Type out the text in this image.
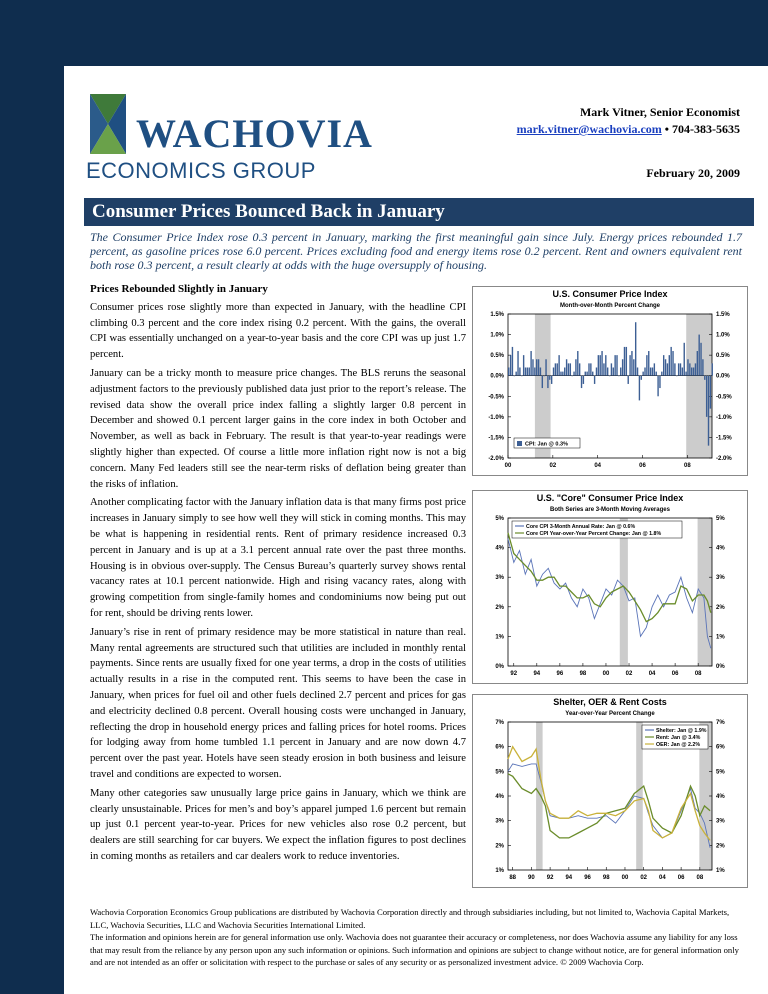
WACHOVIA
ECONOMICS GROUP
Mark Vitner, Senior Economist
mark.vitner@wachovia.com • 704-383-5635
February 20, 2009
Consumer Prices Bounced Back in January
The Consumer Price Index rose 0.3 percent in January, marking the first meaningful gain since July. Energy prices rebounded 1.7 percent, as gasoline prices rose 6.0 percent. Prices excluding food and energy items rose 0.2 percent. Rent and owners equivalent rent both rose 0.3 percent, a result clearly at odds with the huge oversupply of housing.
Prices Rebounded Slightly in January

Consumer prices rose slightly more than expected in January, with the headline CPI climbing 0.3 percent and the core index rising 0.2 percent. With the gains, the overall CPI was essentially unchanged on a year-to-year basis and the core CPI was up just 1.7 percent.

January can be a tricky month to measure price changes. The BLS reruns the seasonal adjustment factors to the previously published data just prior to the report’s release. The revised data show the overall price index falling a slightly larger 0.8 percent in December and showed 0.1 percent larger gains in the core index in both October and November, as well as back in February. The result is that year-to-year readings were slightly higher than expected. Of course a little more inflation right now is not a big concern. Many Fed leaders still see the near-term risks of deflation being greater than the risks of inflation.

Another complicating factor with the January inflation data is that many firms post price increases in January simply to see how well they will stick in coming months. This may be what is happening in residential rents. Rent of primary residence increased 0.3 percent in January and is up at a 3.1 percent annual rate over the past three months. Housing is in obvious over-supply. The Census Bureau’s quarterly survey shows rental vacancy rates at 10.1 percent nationwide. High and rising vacancy rates, along with growing competition from single-family homes and condominiums now being put out for rent, should be driving rents lower.

January’s rise in rent of primary residence may be more statistical in nature than real. Many rental agreements are structured such that utilities are included in monthly rental payments. Since rents are usually fixed for one year terms, a drop in the costs of utilities actually results in a rise in the computed rent. This seems to have been the case in January, when prices for fuel oil and other fuels declined 2.7 percent and prices for gas and electricity declined 0.8 percent. Overall housing costs were unchanged in January, reflecting the drop in household energy prices and falling prices for hotel rooms. Prices for lodging away from home tumbled 1.1 percent in January and are now down 4.7 percent over the past year. Hotels have seen steady erosion in both business and leisure travel and conditions are expected to worsen.

Many other categories saw unusually large price gains in January, which we think are clearly unsustainable. Prices for men’s and boy’s apparel jumped 1.6 percent but remain up just 0.1 percent year-to-year. Prices for new vehicles also rose 0.2 percent, but dealers are still searching for car buyers. We expect the inflation figures to post declines in coming months as retailers and car dealers work to reduce inventories.

U.S. Consumer Price Index
Month-over-Month Percent Change
-2.0%	-2.0%
-1.5%	-1.5%
-1.0%	-1.0%
-0.5%	-0.5%
0.0%	0.0%
0.5%	0.5%
1.0%	1.0%
1.5%	1.5%
00	02	04	06	08
CPI: Jan @ 0.3%
U.S. "Core" Consumer Price Index
Both Series are 3-Month Moving Averages
0%	0%
1%	1%
2%	2%
3%	3%
4%	4%
5%	5%
92	94	96	98	00	02	04	06	08
Core CPI 3-Month Annual Rate: Jan @ 0.6%
Core CPI Year-over-Year Percent Change: Jan @ 1.8%
Shelter, OER & Rent Costs
Year-over-Year Percent Change
1%	1%
2%	2%
3%	3%
4%	4%
5%	5%
6%	6%
7%	7%
88 90 92 94 96 98 00 02 04 06 08
Shelter: Jan @ 1.9%
Rent: Jan @ 3.4%
OER: Jan @ 2.2%

Wachovia Corporation Economics Group publications are distributed by Wachovia Corporation directly and through subsidiaries including, but not limited to, Wachovia Capital Markets, LLC, Wachovia Securities, LLC and Wachovia Securities International Limited.

The information and opinions herein are for general information use only. Wachovia does not guarantee their accuracy or completeness, nor does Wachovia assume any liability for any loss that may result from the reliance by any person upon any such information or opinions. Such information and opinions are subject to change without notice, are for general information only and are not intended as an offer or solicitation with respect to the purchase or sales of any security or as personalized investment advice. © 2009 Wachovia Corp.
